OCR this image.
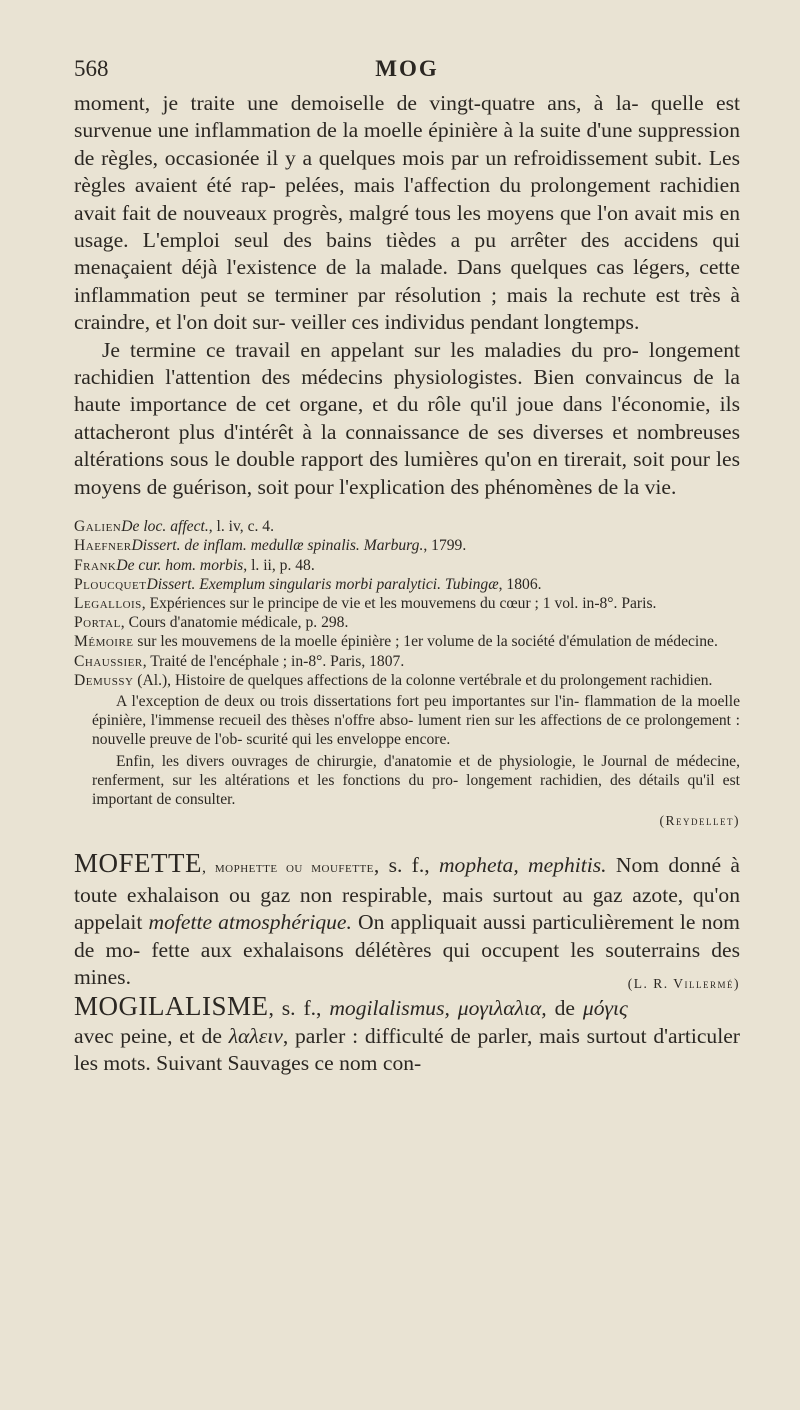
568	MOG

moment, je traite une demoiselle de vingt-quatre ans, à la- quelle est survenue une inflammation de la moelle épinière à la suite d'une suppression de règles, occasionée il y a quelques mois par un refroidissement subit. Les règles avaient été rap- pelées, mais l'affection du prolongement rachidien avait fait de nouveaux progrès, malgré tous les moyens que l'on avait mis en usage. L'emploi seul des bains tièdes a pu arrêter des accidens qui menaçaient déjà l'existence de la malade. Dans quelques cas légers, cette inflammation peut se terminer par résolution ; mais la rechute est très à craindre, et l'on doit sur- veiller ces individus pendant longtemps.

Je termine ce travail en appelant sur les maladies du pro- longement rachidien l'attention des médecins physiologistes. Bien convaincus de la haute importance de cet organe, et du rôle qu'il joue dans l'économie, ils attacheront plus d'intérêt à la connaissance de ses diverses et nombreuses altérations sous le double rapport des lumières qu'on en tirerait, soit pour les moyens de guérison, soit pour l'explication des phénomènes de la vie.

GalienDe loc. affect., l. iv, c. 4.

HaefnerDissert. de inflam. medullæ spinalis. Marburg., 1799.

FrankDe cur. hom. morbis, l. ii, p. 48.

PloucquetDissert. Exemplum singularis morbi paralytici. Tubingæ, 1806.

Legallois, Expériences sur le principe de vie et les mouvemens du cœur ; 1 vol. in-8°. Paris.

Portal, Cours d'anatomie médicale, p. 298.

Mémoire sur les mouvemens de la moelle épinière ; 1er volume de la société d'émulation de médecine.

Chaussier, Traité de l'encéphale ; in-8°. Paris, 1807.

Demussy (Al.), Histoire de quelques affections de la colonne vertébrale et du prolongement rachidien.

A l'exception de deux ou trois dissertations fort peu importantes sur l'in- flammation de la moelle épinière, l'immense recueil des thèses n'offre abso- lument rien sur les affections de ce prolongement : nouvelle preuve de l'ob- scurité qui les enveloppe encore.

Enfin, les divers ouvrages de chirurgie, d'anatomie et de physiologie, le Journal de médecine, renferment, sur les altérations et les fonctions du pro- longement rachidien, des détails qu'il est important de consulter.

(Reydellet)
MOFETTE, mophette ou moufette, s. f., mopheta, mephitis. Nom donné à toute exhalaison ou gaz non respirable, mais surtout au gaz azote, qu'on appelait mofette atmosphérique. On appliquait aussi particulièrement le nom de mo- fette aux exhalaisons délétères qui occupent les souterrains des mines.	(L. R. Villermé)
MOGILALISME, s. f., mogilalismus, μογιλαλια, de μόγις avec peine, et de λαλειν, parler : difficulté de parler, mais surtout d'articuler les mots. Suivant Sauvages ce nom con-
